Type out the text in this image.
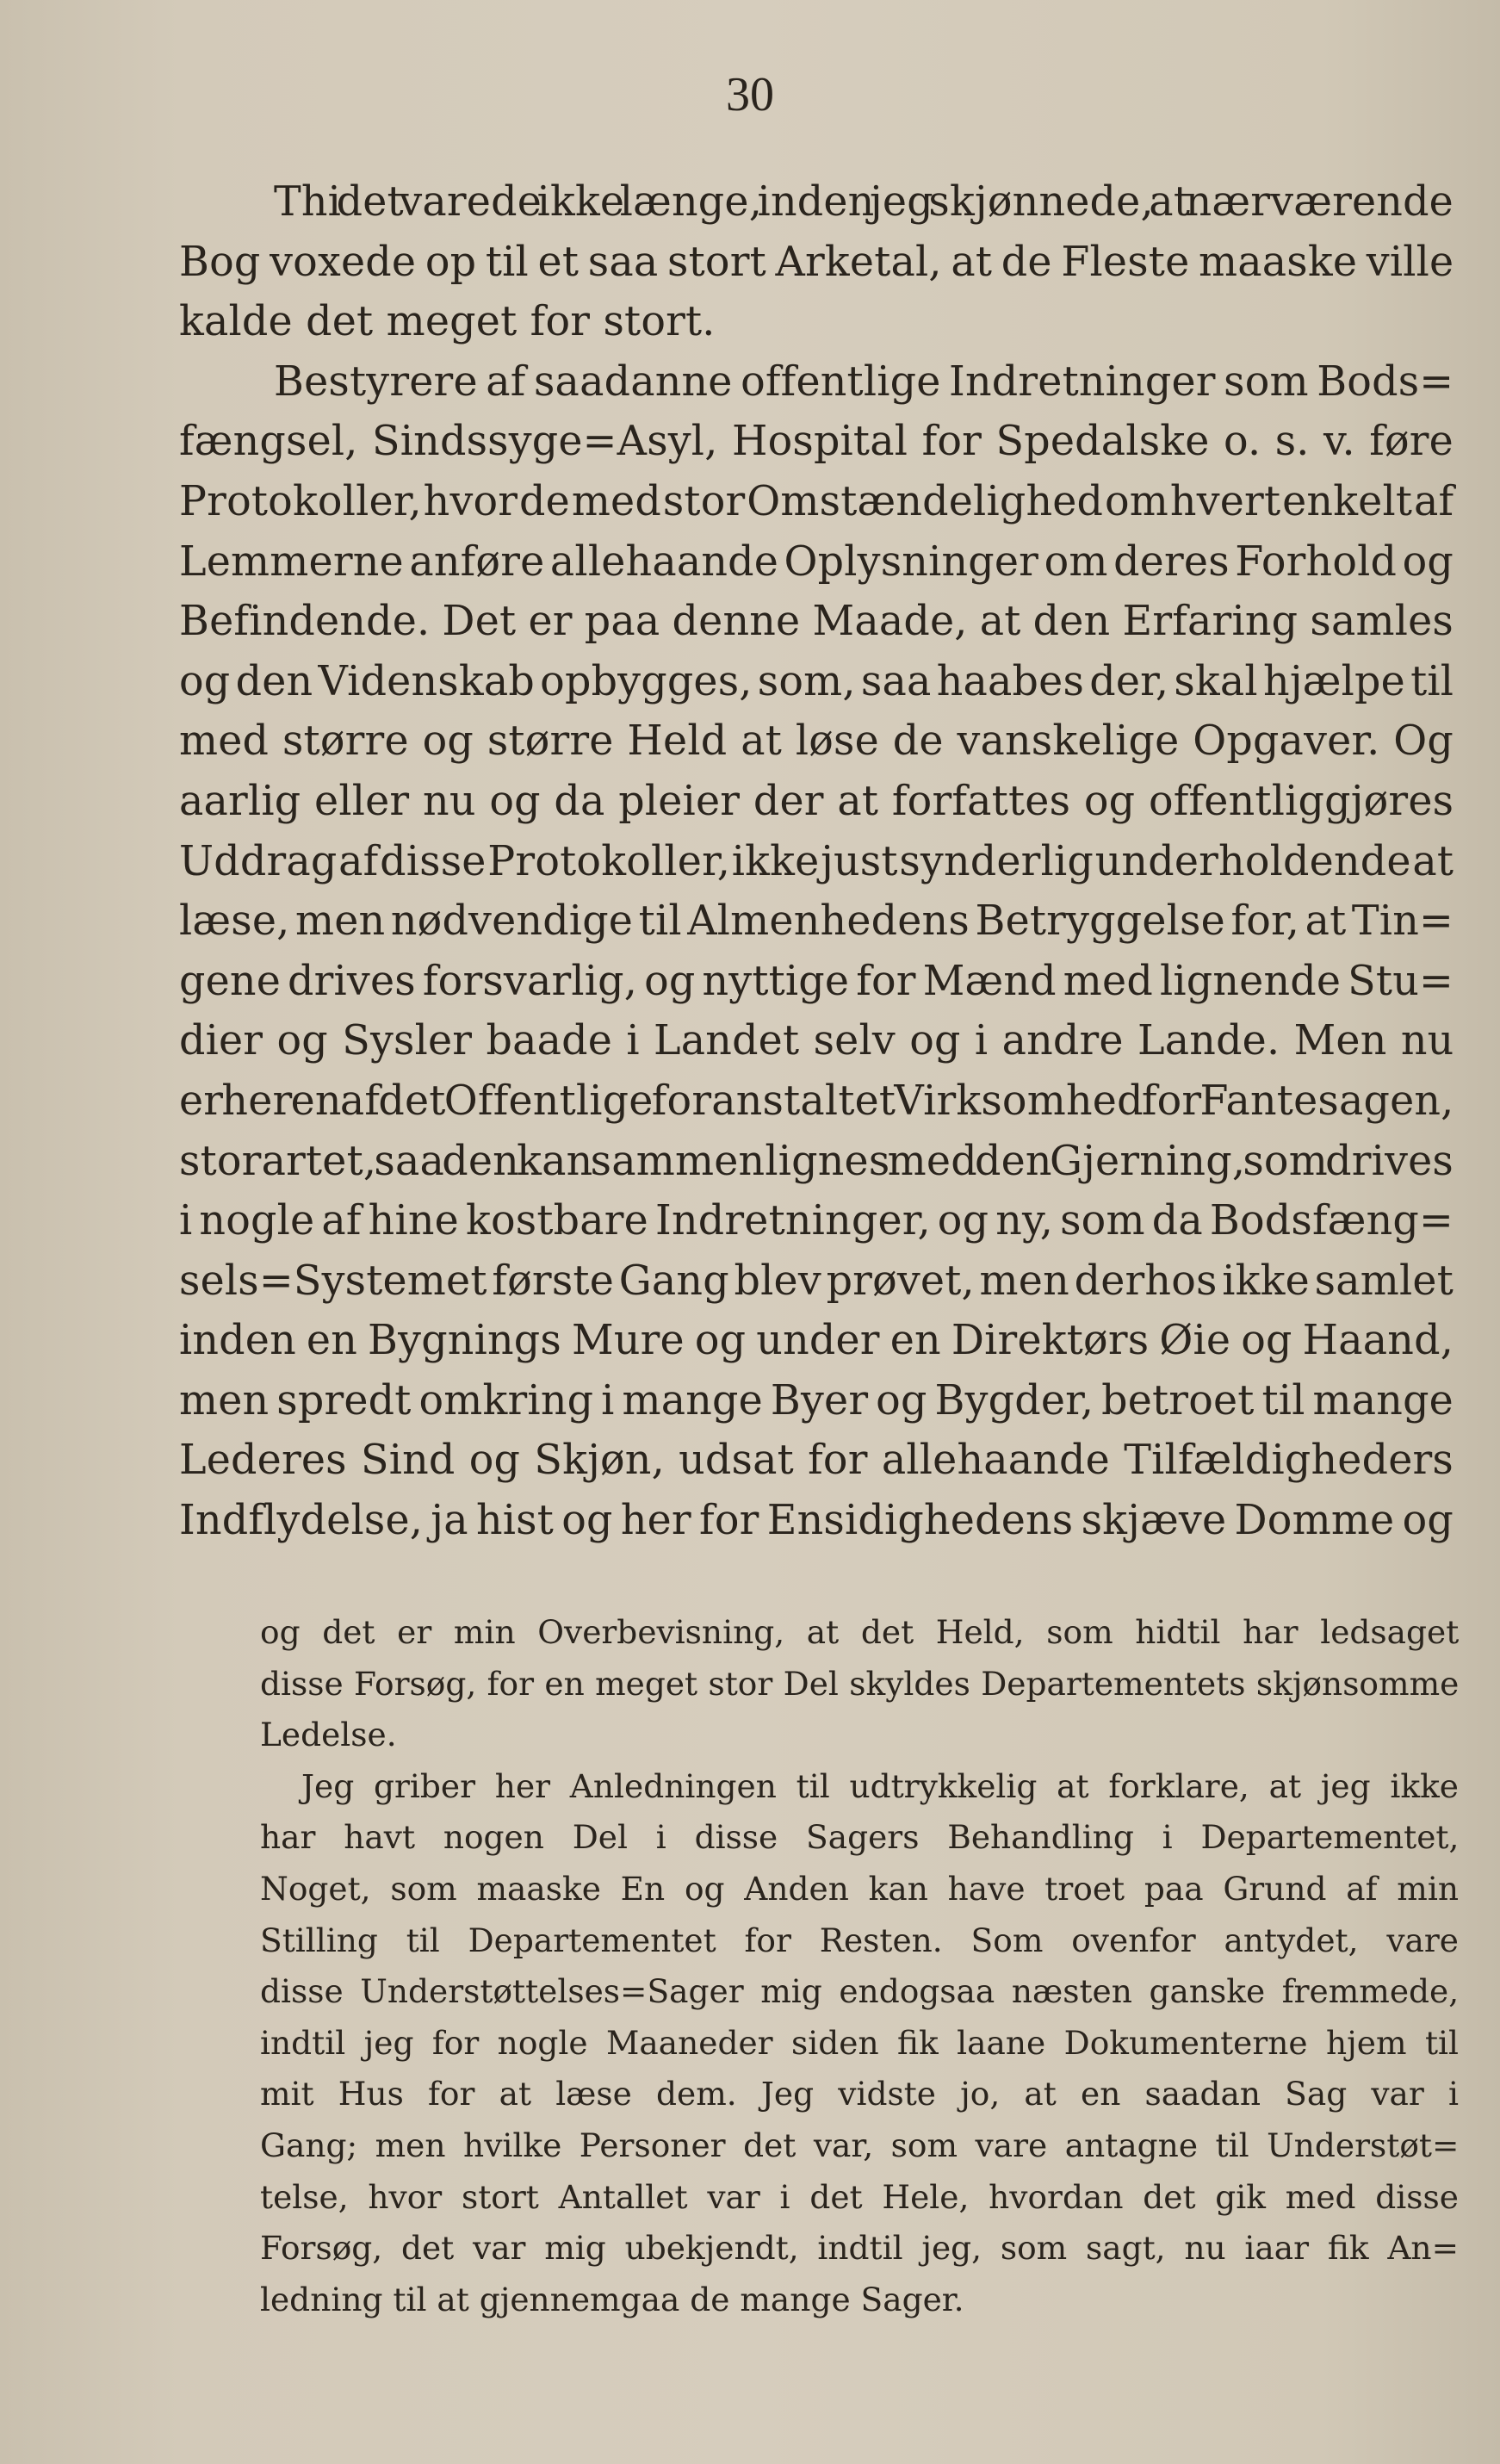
30
Thi det varede ikke længe, inden jeg skjønnede, at nærværende
Bog voxede op til et saa stort Arketal, at de Fleste maaske ville
kalde det meget for stort.
Bestyrere af saadanne offentlige Indretninger som Bods=
fængsel, Sindssyge=Asyl, Hospital for Spedalske o. s. v. føre
Protokoller, hvor de med stor Omstændelighed om hvert enkelt af
Lemmerne anføre allehaande Oplysninger om deres Forhold og
Befindende. Det er paa denne Maade, at den Erfaring samles
og den Videnskab opbygges, som, saa haabes der, skal hjælpe til
med større og større Held at løse de vanskelige Opgaver. Og
aarlig eller nu og da pleier der at forfattes og offentliggjøres
Uddrag af disse Protokoller, ikke just synderlig underholdende at
læse, men nødvendige til Almenhedens Betryggelse for, at Tin=
gene drives forsvarlig, og nyttige for Mænd med lignende Stu=
dier og Sysler baade i Landet selv og i andre Lande. Men nu
er her en af det Offentlige foranstaltet Virksomhed for Fantesagen,
storartet, saa den kan sammenlignes med den Gjerning, som drives
i nogle af hine kostbare Indretninger, og ny, som da Bodsfæng=
sels=Systemet første Gang blev prøvet, men derhos ikke samlet
inden en Bygnings Mure og under en Direktørs Øie og Haand,
men spredt omkring i mange Byer og Bygder, betroet til mange
Lederes Sind og Skjøn, udsat for allehaande Tilfældigheders
Indflydelse, ja hist og her for Ensidighedens skjæve Domme og
og det er min Overbevisning, at det Held, som hidtil har ledsaget
disse Forsøg, for en meget stor Del skyldes Departementets skjønsomme
Ledelse.
Jeg griber her Anledningen til udtrykkelig at forklare, at jeg ikke
har havt nogen Del i disse Sagers Behandling i Departementet,
Noget, som maaske En og Anden kan have troet paa Grund af min
Stilling til Departementet for Resten. Som ovenfor antydet, vare
disse Understøttelses=Sager mig endogsaa næsten ganske fremmede,
indtil jeg for nogle Maaneder siden fik laane Dokumenterne hjem til
mit Hus for at læse dem. Jeg vidste jo, at en saadan Sag var i
Gang; men hvilke Personer det var, som vare antagne til Understøt=
telse, hvor stort Antallet var i det Hele, hvordan det gik med disse
Forsøg, det var mig ubekjendt, indtil jeg, som sagt, nu iaar fik An=
ledning til at gjennemgaa de mange Sager.
